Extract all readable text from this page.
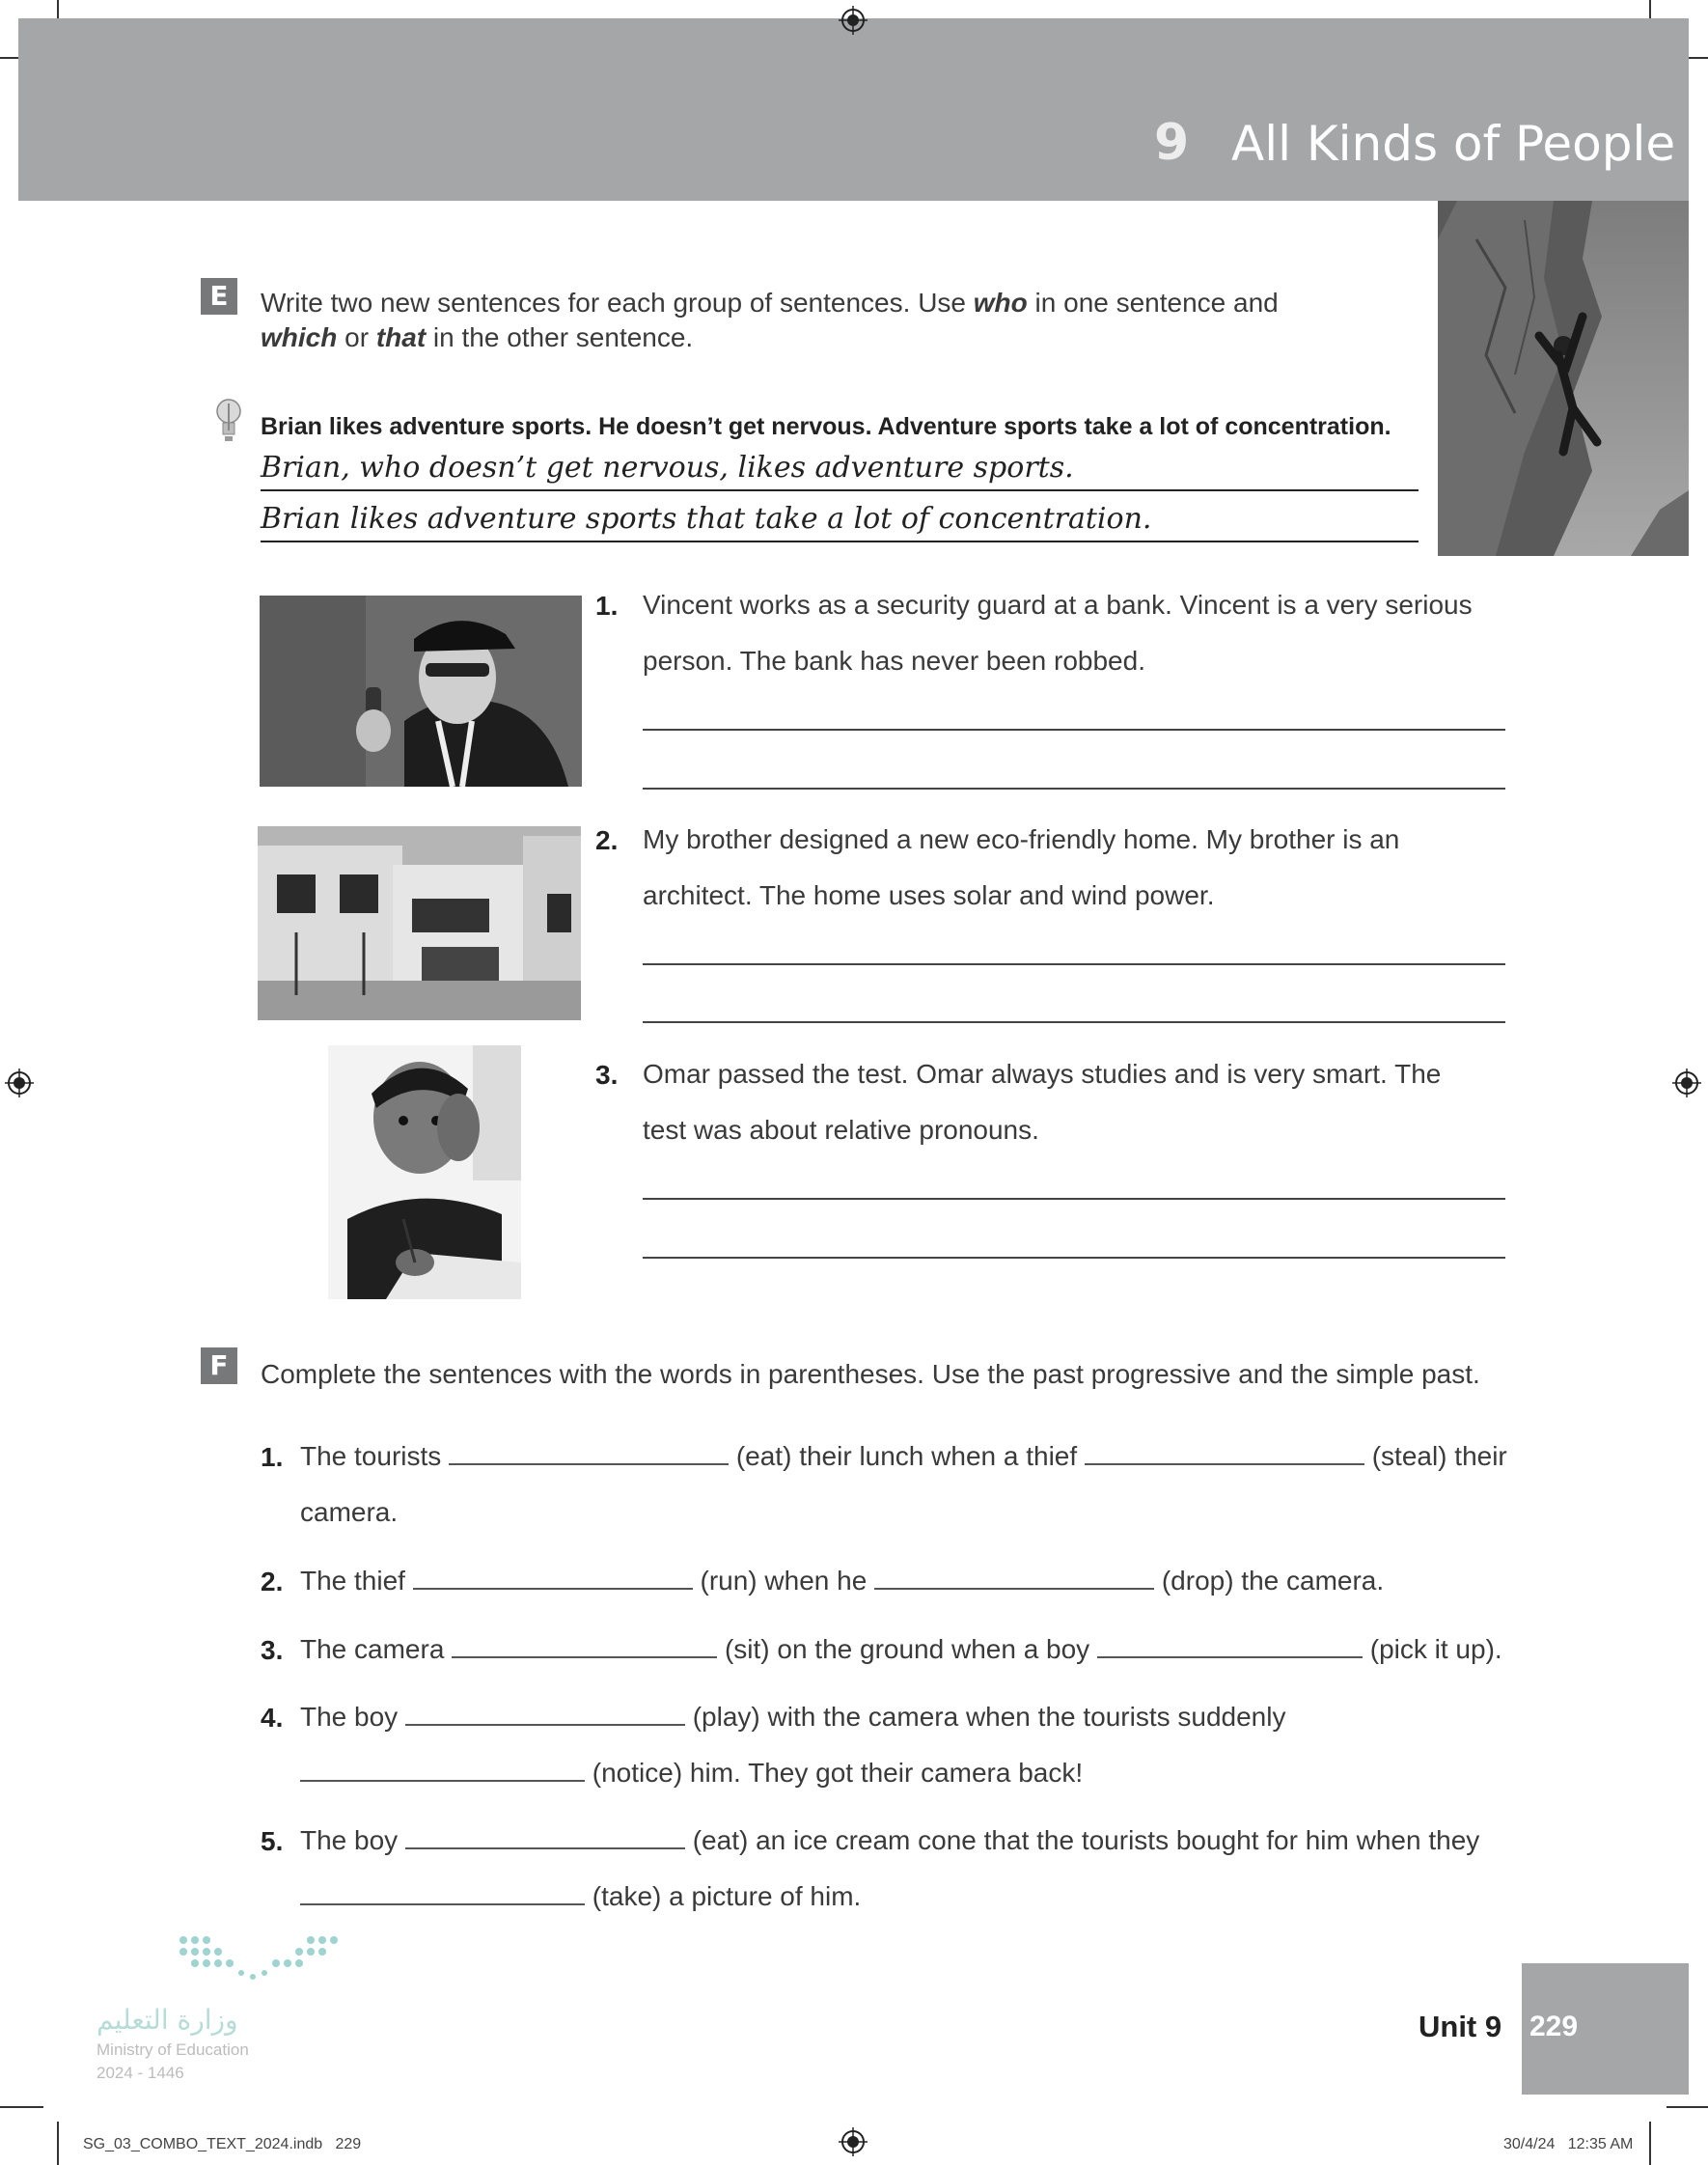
9 All Kinds of People
E	Write two new sentences for each group of sentences. Use who in one sentence and
which or that in the other sentence.
Brian likes adventure sports. He doesn’t get nervous. Adventure sports take a lot of concentration.
Brian, who doesn’t get nervous, likes adventure sports.
Brian likes adventure sports that take a lot of concentration.
1. Vincent works as a security guard at a bank. Vincent is a very serious person. The bank has never been robbed.
2. My brother designed a new eco-friendly home. My brother is an architect. The home uses solar and wind power.
3. Omar passed the test. Omar always studies and is very smart. The test was about relative pronouns.
F	Complete the sentences with the words in parentheses. Use the past progressive and the simple past.
1. The tourists	(eat) their lunch when a thief	(steal) their
camera.
2. The thief	(run) when he	(drop) the camera.
3. The camera	(sit) on the ground when a boy	(pick it up).
4. The boy	(play) with the camera when the tourists suddenly
(notice) him. They got their camera back!
5. The boy	(eat) an ice cream cone that the tourists bought for him when they
(take) a picture of him.
وزارة التعليم
Ministry of Education
2024 - 1446
Unit 9 229
SG_03_COMBO_TEXT_2024.indb   229	30/4/24   12:35 AM
